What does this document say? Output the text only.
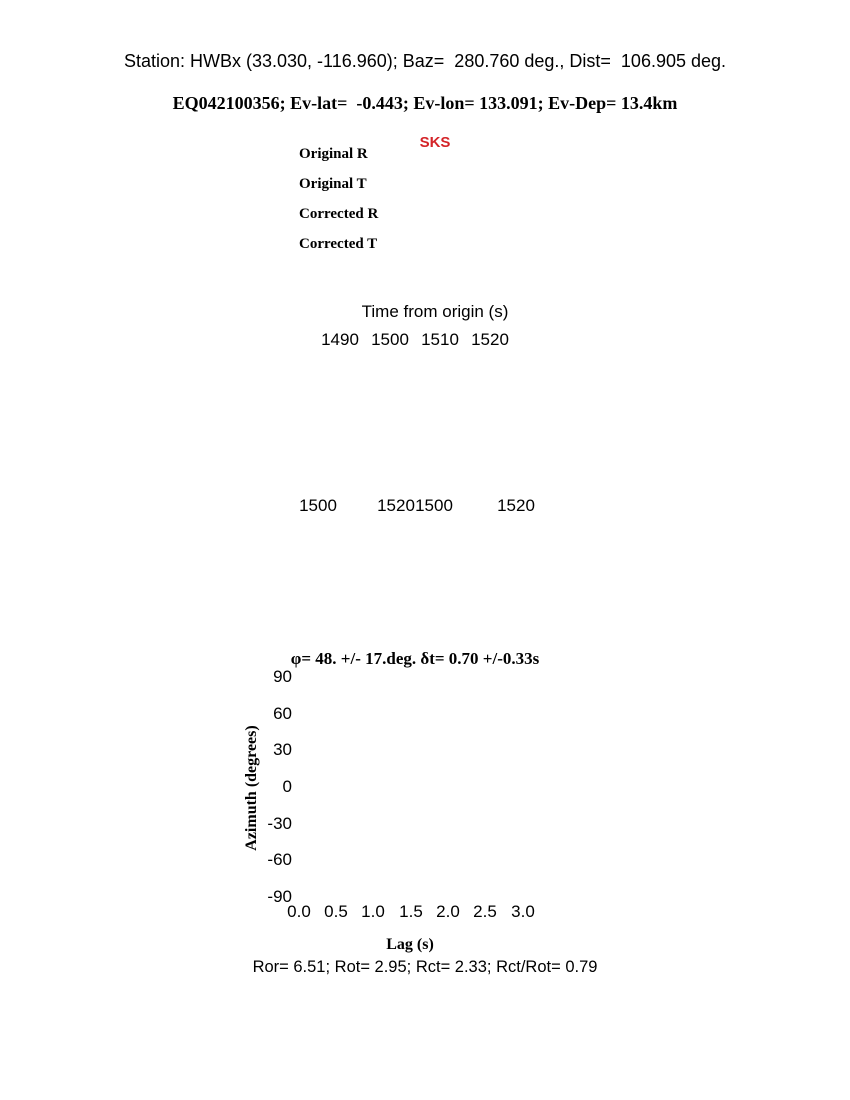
Station: HWBx (33.030, -116.960); Baz=  280.760 deg., Dist=  106.905 deg.
EQ042100356; Ev-lat=  -0.443; Ev-lon= 133.091; Ev-Dep= 13.4km
SKS
Original R
Original T
Corrected R
Corrected T
Time from origin (s)
1490 1500 1510 1520
1500	1520 1500	1520
φ= 48. +/- 17.deg. δt= 0.70 +/-0.33s
Azimuth (degrees)
90
60
30
0
-30
-60
-90
0.0 0.5 1.0 1.5 2.0 2.5 3.0
Lag (s)
Ror= 6.51; Rot= 2.95; Rct= 2.33; Rct/Rot= 0.79
